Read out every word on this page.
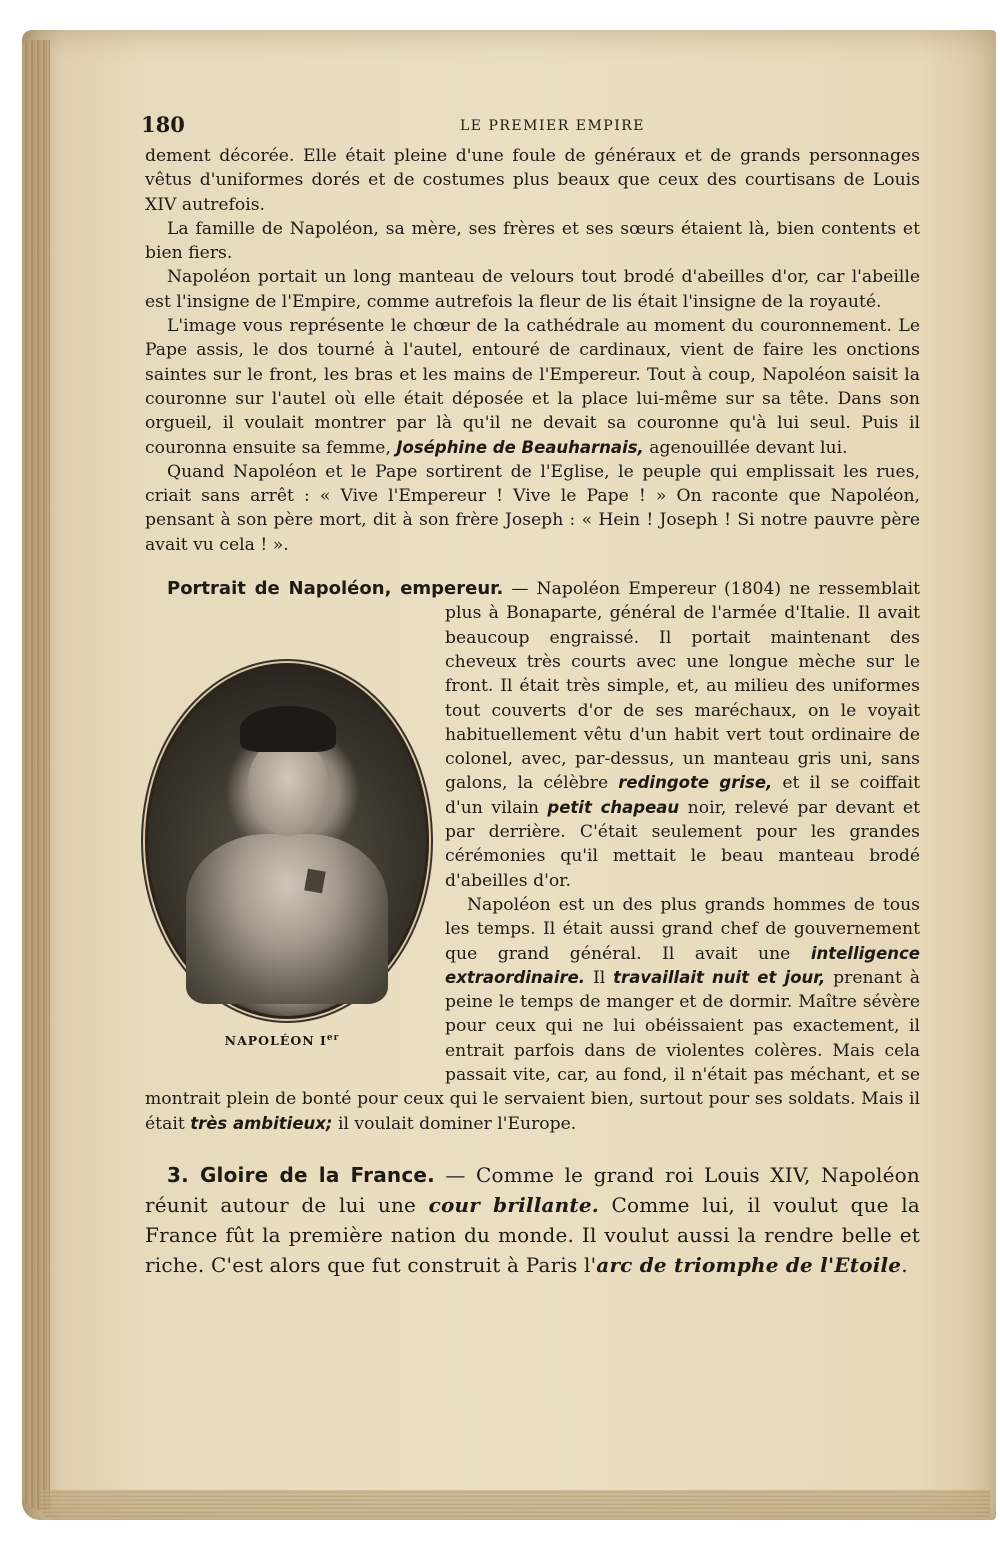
180	LE PREMIER EMPIRE

dement décorée. Elle était pleine d'une foule de généraux et de grands personnages vêtus d'uniformes dorés et de costumes plus beaux que ceux des courtisans de Louis XIV autrefois.

La famille de Napoléon, sa mère, ses frères et ses sœurs étaient là, bien contents et bien fiers.

Napoléon portait un long manteau de velours tout brodé d'abeilles d'or, car l'abeille est l'insigne de l'Empire, comme autrefois la fleur de lis était l'insigne de la royauté.

L'image vous représente le chœur de la cathédrale au moment du couronnement. Le Pape assis, le dos tourné à l'autel, entouré de cardinaux, vient de faire les onctions saintes sur le front, les bras et les mains de l'Empereur. Tout à coup, Napoléon saisit la couronne sur l'autel où elle était déposée et la place lui-même sur sa tête. Dans son orgueil, il voulait montrer par là qu'il ne devait sa couronne qu'à lui seul. Puis il couronna ensuite sa femme, Joséphine de Beauharnais, agenouillée devant lui.

Quand Napoléon et le Pape sortirent de l'Eglise, le peuple qui emplissait les rues, criait sans arrêt : « Vive l'Empereur ! Vive le Pape ! » On raconte que Napoléon, pensant à son père mort, dit à son frère Joseph : « Hein ! Joseph ! Si notre pauvre père avait vu cela ! ».

NAPOLÉON Ier

Portrait de Napoléon, empereur. — Napoléon Empereur (1804) ne ressemblait plus à Bonaparte, général de l'armée d'Italie. Il avait beaucoup engraissé. Il portait maintenant des cheveux très courts avec une longue mèche sur le front. Il était très simple, et, au milieu des uniformes tout couverts d'or de ses maréchaux, on le voyait habituellement vêtu d'un habit vert tout ordinaire de colonel, avec, par-dessus, un manteau gris uni, sans galons, la célèbre redingote grise, et il se coiffait d'un vilain petit chapeau noir, relevé par devant et par derrière. C'était seulement pour les grandes cérémonies qu'il mettait le beau manteau brodé d'abeilles d'or.

Napoléon est un des plus grands hommes de tous les temps. Il était aussi grand chef de gouvernement que grand général. Il avait une intelligence extraordinaire. Il travaillait nuit et jour, prenant à peine le temps de manger et de dormir. Maître sévère pour ceux qui ne lui obéissaient pas exactement, il entrait parfois dans de violentes colères. Mais cela passait vite, car, au fond, il n'était pas méchant, et se montrait plein de bonté pour ceux qui le servaient bien, surtout pour ses soldats. Mais il était très ambitieux; il voulait dominer l'Europe.

3. Gloire de la France. — Comme le grand roi Louis XIV, Napoléon réunit autour de lui une cour brillante. Comme lui, il voulut que la France fût la première nation du monde. Il voulut aussi la rendre belle et riche. C'est alors que fut construit à Paris l'arc de triomphe de l'Etoile.
